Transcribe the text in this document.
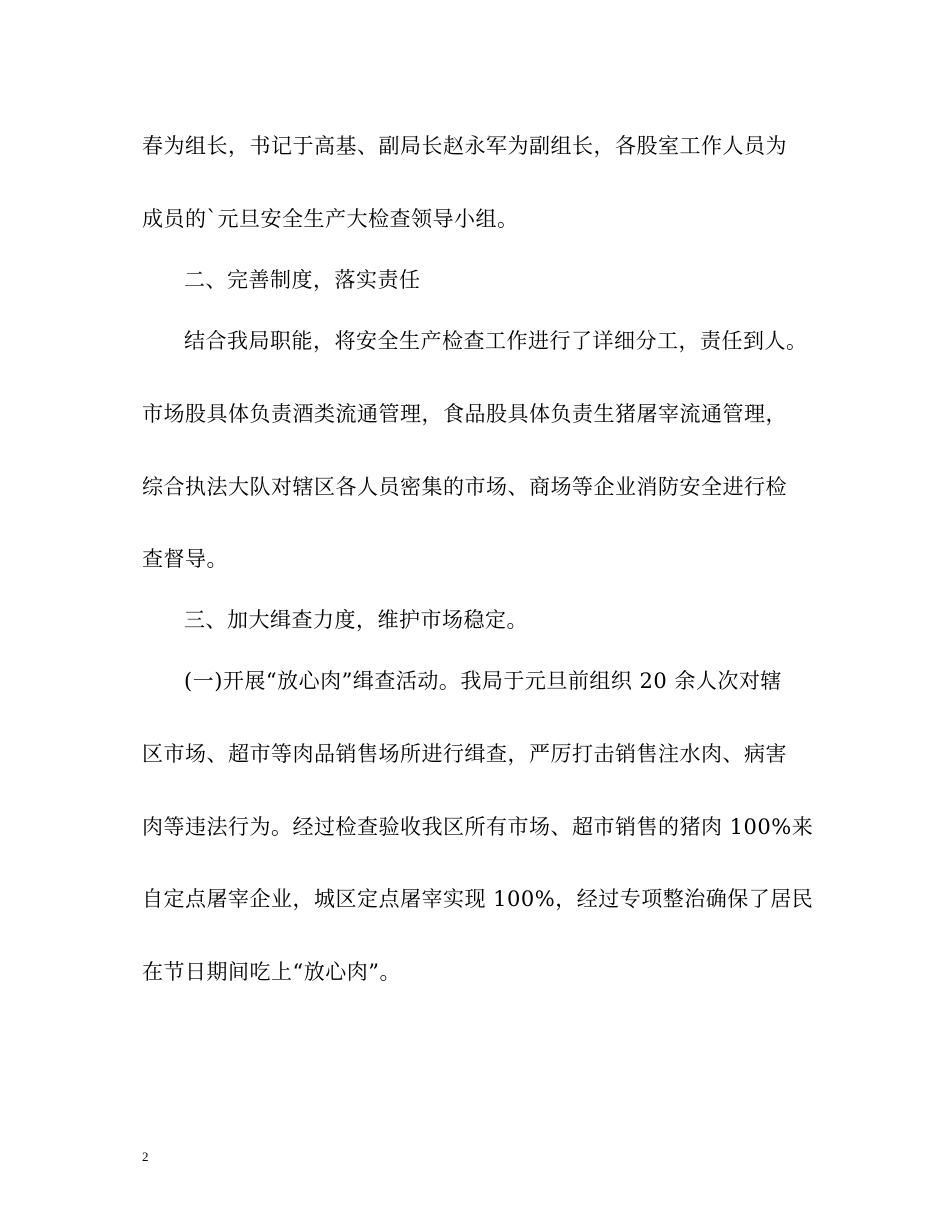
春为组长，书记于高基、副局长赵永军为副组长，各股室工作人员为

成员的`元旦安全生产大检查领导小组。

二、完善制度，落实责任

结合我局职能，将安全生产检查工作进行了详细分工，责任到人。

市场股具体负责酒类流通管理，食品股具体负责生猪屠宰流通管理，

综合执法大队对辖区各人员密集的市场、商场等企业消防安全进行检

查督导。

三、加大缉查力度，维护市场稳定。

(一)开展“放心肉”缉查活动。我局于元旦前组织 20 余人次对辖

区市场、超市等肉品销售场所进行缉查，严厉打击销售注水肉、病害

肉等违法行为。经过检查验收我区所有市场、超市销售的猪肉 100%来

自定点屠宰企业，城区定点屠宰实现 100%，经过专项整治确保了居民

在节日期间吃上“放心肉”。

2
